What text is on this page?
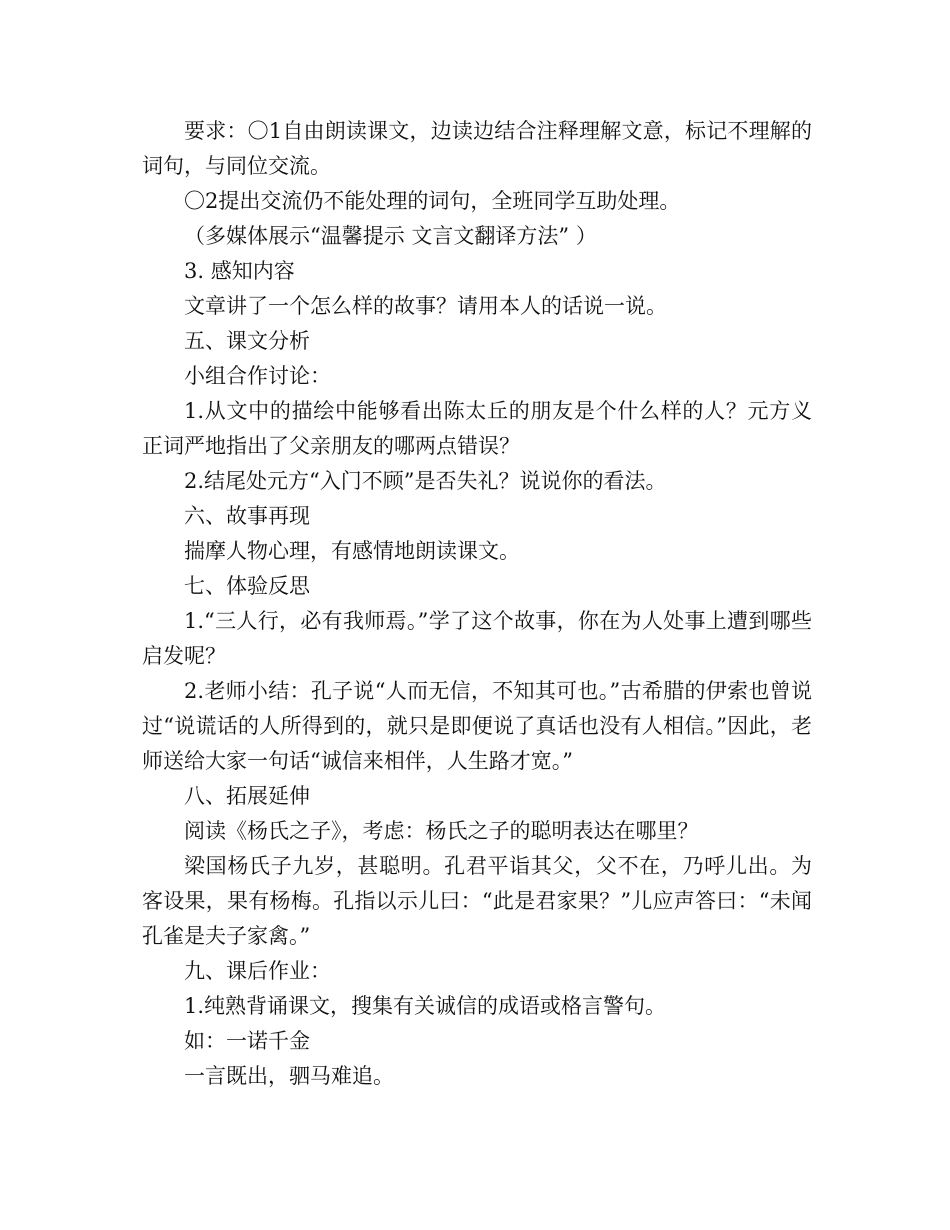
要求：〇1自由朗读课文，边读边结合注释理解文意，标记不理解的词句，与同位交流。

〇2提出交流仍不能处理的词句，全班同学互助处理。

（多媒体展示“温馨提示 文言文翻译方法” ）

3. 感知内容

文章讲了一个怎么样的故事？请用本人的话说一说。

五、课文分析

小组合作讨论：

1.从文中的描绘中能够看出陈太丘的朋友是个什么样的人？元方义正词严地指出了父亲朋友的哪两点错误？

2.结尾处元方“入门不顾”是否失礼？说说你的看法。

六、故事再现

揣摩人物心理，有感情地朗读课文。

七、体验反思

1.“三人行，必有我师焉。”学了这个故事，你在为人处事上遭到哪些启发呢？

2.老师小结：孔子说“人而无信，不知其可也。”古希腊的伊索也曾说过“说谎话的人所得到的，就只是即便说了真话也没有人相信。”因此，老师送给大家一句话“诚信来相伴，人生路才宽。”

八、拓展延伸

阅读《杨氏之子》，考虑：杨氏之子的聪明表达在哪里？

梁国杨氏子九岁，甚聪明。孔君平诣其父，父不在，乃呼儿出。为客设果，果有杨梅。孔指以示儿曰：“此是君家果？”儿应声答曰：“未闻孔雀是夫子家禽。”

九、课后作业：

1.纯熟背诵课文，搜集有关诚信的成语或格言警句。

如：一诺千金

一言既出，驷马难追。
